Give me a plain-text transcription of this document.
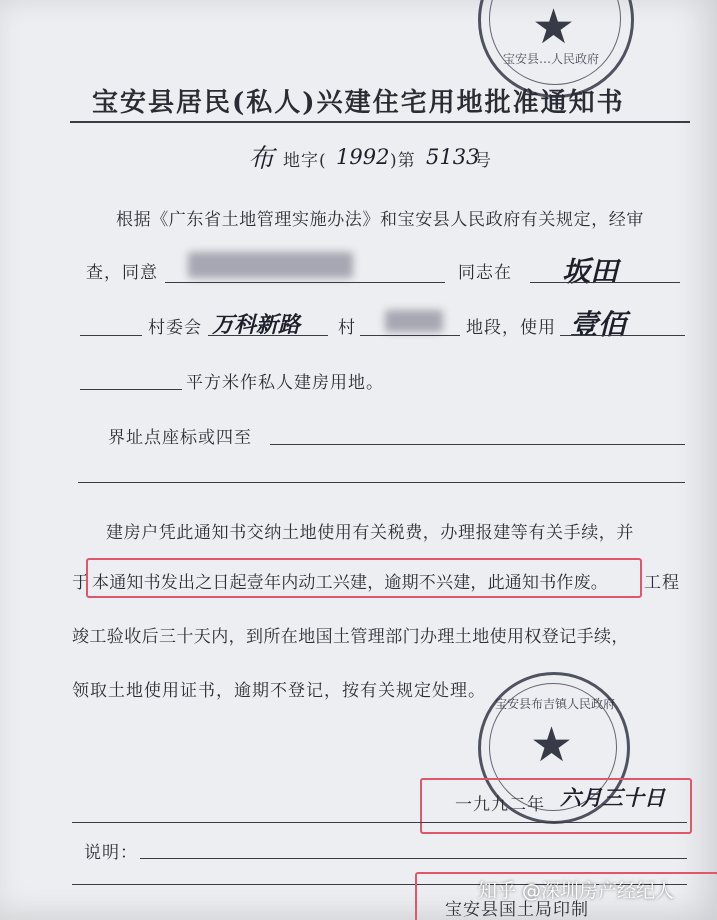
★
宝安县…人民政府
宝安县居民(私人)兴建住宅用地批准通知书
布 地字( 1992 )第 5133
号
根据《广东省土地管理实施办法》和宝安县人民政府有关规定，经审
查，同意	同志在 坂田
村委会 万科新路 村	地段，使用 壹佰
平方米作私人建房用地。
界址点座标或四至
建房户凭此通知书交纳土地使用有关税费，办理报建等有关手续，并
于 本通知书发出之日起壹年内动工兴建，逾期不兴建，此通知书作废。 工程
竣工验收后三十天内，到所在地国土管理部门办理土地使用权登记手续，
领取土地使用证书，逾期不登记，按有关规定处理。
★
宝安县布吉镇人民政府
一九九二年 六月三十日
说明：
宝安县国土局印制
知乎 @深圳房产经纪人
